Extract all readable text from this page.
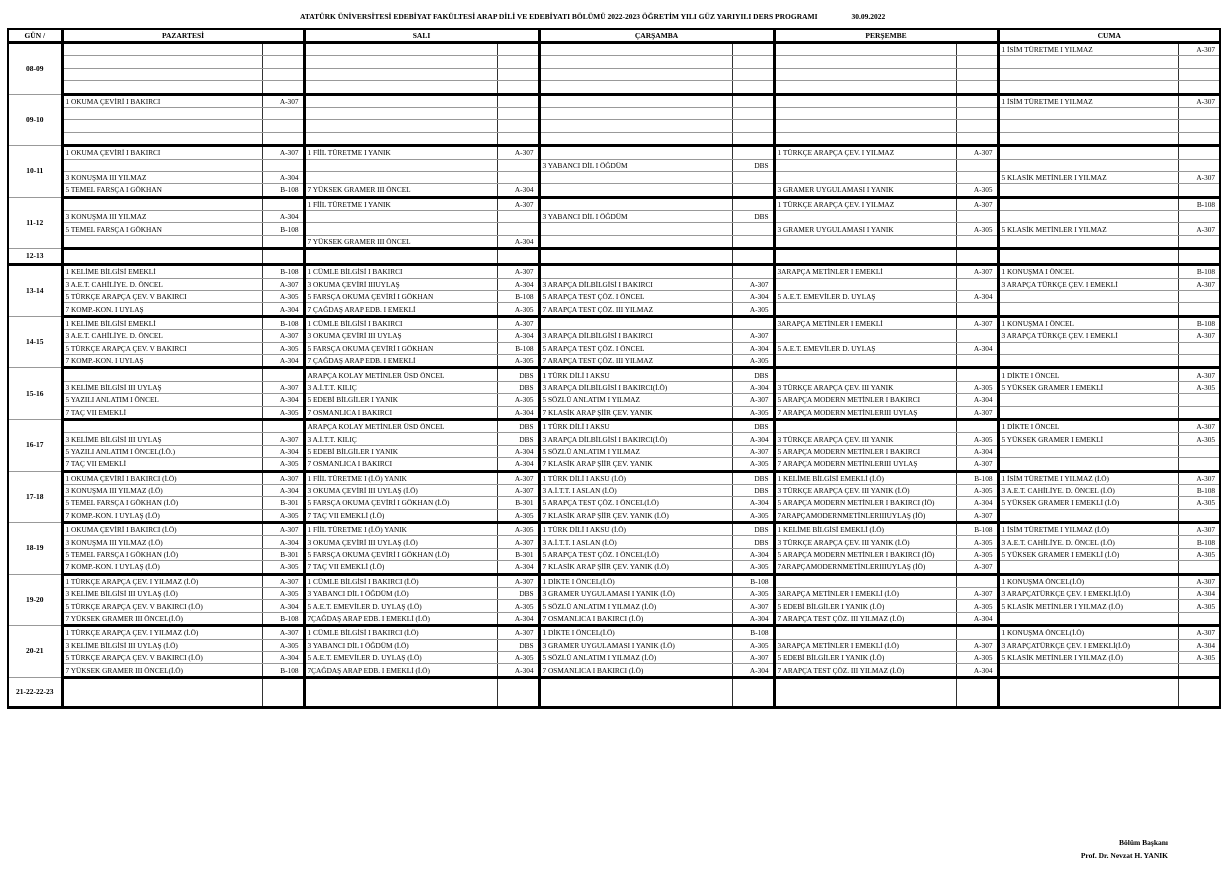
ATATÜRK ÜNİVERSİTESİ EDEBİYAT FAKÜLTESİ ARAP DİLİ VE EDEBİYATI BÖLÜMÜ 2022-2023 ÖĞRETİM YILI GÜZ YARIYILI DERS PROGRAMI	30.09.2022
GÜN /	PAZARTESİ		SALI		ÇARŞAMBA		PERŞEMBE		CUMA	
08-09									1 İSİM TÜRETME I YILMAZ	A-307

09-10	1 OKUMA ÇEVİRİ I BAKIRCI	A-307							1 İSİM TÜRETME I YILMAZ	A-307

10-11	1 OKUMA ÇEVİRİ I BAKIRCI	A-307	1 FİİL TÜRETME I YANIK	A-307			1 TÜRKÇE ARAPÇA ÇEV. I YILMAZ	A-307		
					3 YABANCI DİL I ÖĞDÜM	DBS				
	3 KONUŞMA III YILMAZ	A-304							5 KLASİK METİNLER I YILMAZ	A-307
	5 TEMEL FARSÇA I GÖKHAN	B-108	7 YÜKSEK GRAMER III ÖNCEL	A-304			3 GRAMER UYGULAMASI I YANIK	A-305		
11-12			1 FİİL TÜRETME I YANIK	A-307			1 TÜRKÇE ARAPÇA ÇEV. I YILMAZ	A-307		B-108
	3 KONUŞMA III YILMAZ	A-304			3 YABANCI DİL I ÖĞDÜM	DBS				
	5 TEMEL FARSÇA I GÖKHAN	B-108					3 GRAMER UYGULAMASI I YANIK	A-305	5 KLASİK METİNLER I YILMAZ	A-307
			7 YÜKSEK GRAMER III ÖNCEL	A-304						
12-13										
13-14	1 KELİME BİLGİSİ EMEKLİ	B-108	1 CÜMLE BİLGİSİ I BAKIRCI	A-307			3ARAPÇA METİNLER I EMEKLİ	A-307	1 KONUŞMA I ÖNCEL	B-108
	3 A.E.T. CAHİLİYE. D. ÖNCEL	A-307	3 OKUMA ÇEVİRİ IIIUYLAŞ	A-304	3 ARAPÇA DİLBİLGİSİ I BAKIRCI	A-307			3 ARAPÇA TÜRKÇE ÇEV. I EMEKLİ	A-307
	5 TÜRKÇE ARAPÇA ÇEV. V BAKIRCI	A-305	5 FARSÇA OKUMA ÇEVİRİ I GÖKHAN	B-108	5 ARAPÇA TEST ÇÖZ. I ÖNCEL	A-304	5 A.E.T. EMEVİLER D. UYLAŞ	A-304		
	7 KOMP.-KON. I UYLAŞ	A-304	7 ÇAĞDAŞ ARAP EDB. I EMEKLİ	A-305	7 ARAPÇA TEST ÇÖZ. III YILMAZ	A-305				
14-15	1 KELİME BİLGİSİ EMEKLİ	B-108	1 CÜMLE BİLGİSİ I BAKIRCI	A-307			3ARAPÇA METİNLER I EMEKLİ	A-307	1 KONUŞMA I ÖNCEL	B-108
	3 A.E.T. CAHİLİYE. D. ÖNCEL	A-307	3 OKUMA ÇEVİRİ III UYLAŞ	A-304	3 ARAPÇA DİLBİLGİSİ I BAKIRCI	A-307			3 ARAPÇA TÜRKÇE ÇEV. I EMEKLİ	A-307
	5 TÜRKÇE ARAPÇA ÇEV. V BAKIRCI	A-305	5 FARSÇA OKUMA ÇEVİRİ I GÖKHAN	B-108	5 ARAPÇA TEST ÇÖZ. I ÖNCEL	A-304	5 A.E.T. EMEVİLER D. UYLAŞ	A-304		
	7 KOMP.-KON. I UYLAŞ	A-304	7 ÇAĞDAŞ ARAP EDB. I EMEKLİ	A-305	7 ARAPÇA TEST ÇÖZ. III YILMAZ	A-305				
15-16			ARAPÇA KOLAY METİNLER ÜSD ÖNCEL	DBS	1 TÜRK DİLİ I AKSU	DBS			1 DİKTE I ÖNCEL	A-307
	3 KELİME BİLGİSİ III UYLAŞ	A-307	3 A.İ.T.T. KILIÇ	DBS	3 ARAPÇA DİLBİLGİSİ I BAKIRCI(İ.Ö)	A-304	3 TÜRKÇE ARAPÇA ÇEV. III YANIK	A-305	5 YÜKSEK GRAMER I EMEKLİ	A-305
	5 YAZILI ANLATIM I ÖNCEL	A-304	5 EDEBİ BİLGİLER I YANIK	A-305	5 SÖZLÜ ANLATIM I YILMAZ	A-307	5 ARAPÇA MODERN METİNLER I BAKIRCI	A-304		
	7 TAÇ VII EMEKLİ	A-305	7 OSMANLICA I BAKIRCI	A-304	7 KLASİK ARAP ŞİİR ÇEV. YANIK	A-305	7 ARAPÇA MODERN METİNLERIII UYLAŞ	A-307		
16-17			ARAPÇA KOLAY METİNLER ÜSD ÖNCEL	DBS	1 TÜRK DİLİ I AKSU	DBS			1 DİKTE I ÖNCEL	A-307
	3 KELİME BİLGİSİ III UYLAŞ	A-307	3 A.İ.T.T. KILIÇ	DBS	3 ARAPÇA DİLBİLGİSİ I BAKIRCI(İ.Ö)	A-304	3 TÜRKÇE ARAPÇA ÇEV. III YANIK	A-305	5 YÜKSEK GRAMER I EMEKLİ	A-305
	5 YAZILI ANLATIM I ÖNCEL(İ.Ö.)	A-304	5 EDEBİ BİLGİLER I YANIK	A-304	5 SÖZLÜ ANLATIM I YILMAZ	A-307	5 ARAPÇA MODERN METİNLER I BAKIRCI	A-304		
	7 TAÇ VII EMEKLİ	A-305	7 OSMANLICA I BAKIRCI	A-304	7 KLASİK ARAP ŞİİR ÇEV. YANIK	A-305	7 ARAPÇA MODERN METİNLERIII UYLAŞ	A-307		
17-18	1 OKUMA ÇEVİRİ I BAKIRCI (İ.Ö)	A-307	1 FİİL TÜRETME I (İ.Ö) YANIK	A-307	1 TÜRK DİLİ I AKSU (İ.Ö)	DBS	1 KELİME BİLGİSİ EMEKLİ (İ.Ö)	B-108	1 İSİM TÜRETME I YILMAZ (İ.Ö)	A-307
	3 KONUŞMA III YILMAZ (İ.Ö)	A-304	3 OKUMA ÇEVİRİ III UYLAŞ (İ.Ö)	A-307	3 A.İ.T.T. I ASLAN (İ.Ö)	DBS	3 TÜRKÇE ARAPÇA ÇEV. III YANIK (İ.Ö)	A-305	3 A.E.T. CAHİLİYE. D. ÖNCEL (İ.Ö)	B-108
	5 TEMEL FARSÇA I GÖKHAN (İ.Ö)	B-301	5 FARSÇA OKUMA ÇEVİRİ I GÖKHAN (İ.Ö)	B-301	5 ARAPÇA TEST ÇÖZ. I ÖNCEL(İ.Ö)	A-304	5 ARAPÇA MODERN METİNLER I BAKIRCI (İÖ)	A-304	5 YÜKSEK GRAMER I EMEKLİ (İ.Ö)	A-305
	7 KOMP.-KON. I UYLAŞ (İ.Ö)	A-305	7 TAÇ VII EMEKLİ (İ.Ö)	A-305	7 KLASİK ARAP ŞİİR ÇEV. YANIK (İ.Ö)	A-305	7ARAPÇAMODERNMETİNLERIIIUYLAŞ (İÖ)	A-307		
18-19	1 OKUMA ÇEVİRİ I BAKIRCI (İ.Ö)	A-307	1 FİİL TÜRETME I (İ.Ö) YANIK	A-305	1 TÜRK DİLİ I AKSU (İ.Ö)	DBS	1 KELİME BİLGİSİ EMEKLİ (İ.Ö)	B-108	1 İSİM TÜRETME I YILMAZ (İ.Ö)	A-307
	3 KONUŞMA III YILMAZ (İ.Ö)	A-304	3 OKUMA ÇEVİRİ III UYLAŞ (İ.Ö)	A-307	3 A.İ.T.T. I ASLAN (İ.Ö)	DBS	3 TÜRKÇE ARAPÇA ÇEV. III YANIK (İ.Ö)	A-305	3 A.E.T. CAHİLİYE. D. ÖNCEL (İ.Ö)	B-108
	5 TEMEL FARSÇA I GÖKHAN (İ.Ö)	B-301	5 FARSÇA OKUMA ÇEVİRİ I GÖKHAN (İ.Ö)	B-301	5 ARAPÇA TEST ÇÖZ. I ÖNCEL(İ.Ö)	A-304	5 ARAPÇA MODERN METİNLER I BAKIRCI (İÖ)	A-305	5 YÜKSEK GRAMER I EMEKLİ (İ.Ö)	A-305
	7 KOMP.-KON. I UYLAŞ (İ.Ö)	A-305	7 TAÇ VII EMEKLİ (İ.Ö)	A-304	7 KLASİK ARAP ŞİİR ÇEV. YANIK (İ.Ö)	A-305	7ARAPÇAMODERNMETİNLERIIIUYLAŞ (İÖ)	A-307		
19-20	1 TÜRKÇE ARAPÇA ÇEV. I YILMAZ (İ.Ö)	A-307	1 CÜMLE BİLGİSİ I BAKIRCI (İ.Ö)	A-307	1 DİKTE I ÖNCEL(İ.Ö)	B-108			1 KONUŞMA ÖNCEL(İ.Ö)	A-307
	3 KELİME BİLGİSİ III UYLAŞ (İ.Ö)	A-305	3 YABANCI DİL I ÖĞDÜM (İ.Ö)	DBS	3 GRAMER UYGULAMASI I YANIK (İ.Ö)	A-305	3ARAPÇA METİNLER I EMEKLİ (İ.Ö)	A-307	3 ARAPÇATÜRKÇE ÇEV. I EMEKLİ(İ.Ö)	A-304
	5 TÜRKÇE ARAPÇA ÇEV. V BAKIRCI (İ.Ö)	A-304	5 A.E.T. EMEVİLER D. UYLAŞ (İ.Ö)	A-305	5 SÖZLÜ ANLATIM I YILMAZ (İ.Ö)	A-307	5 EDEBİ BİLGİLER I YANIK (İ.Ö)	A-305	5 KLASİK METİNLER I YILMAZ (İ.Ö)	A-305
	7 YÜKSEK GRAMER III ÖNCEL(İ.Ö)	B-108	7ÇAĞDAŞ ARAP EDB. I EMEKLİ (İ.Ö)	A-304	7 OSMANLICA I BAKIRCI (İ.Ö)	A-304	7 ARAPÇA TEST ÇÖZ. III YILMAZ (İ.Ö)	A-304		
20-21	1 TÜRKÇE ARAPÇA ÇEV. I YILMAZ (İ.Ö)	A-307	1 CÜMLE BİLGİSİ I BAKIRCI (İ.Ö)	A-307	1 DİKTE I ÖNCEL(İ.Ö)	B-108			1 KONUŞMA ÖNCEL(İ.Ö)	A-307
	3 KELİME BİLGİSİ III UYLAŞ (İ.Ö)	A-305	3 YABANCI DİL I ÖĞDÜM (İ.Ö)	DBS	3 GRAMER UYGULAMASI I YANIK (İ.Ö)	A-305	3ARAPÇA METİNLER I EMEKLİ (İ.Ö)	A-307	3 ARAPÇATÜRKÇE ÇEV. I EMEKLİ(İ.Ö)	A-304
	5 TÜRKÇE ARAPÇA ÇEV. V BAKIRCI (İ.Ö)	A-304	5 A.E.T. EMEVİLER D. UYLAŞ (İ.Ö)	A-305	5 SÖZLÜ ANLATIM I YILMAZ (İ.Ö)	A-307	5 EDEBİ BİLGİLER I YANIK (İ.Ö)	A-305	5 KLASİK METİNLER I YILMAZ (İ.Ö)	A-305
	7 YÜKSEK GRAMER III ÖNCEL(İ.Ö)	B-108	7ÇAĞDAŞ ARAP EDB. I EMEKLİ (İ.Ö)	A-304	7 OSMANLICA I BAKIRCI (İ.Ö)	A-304	7 ARAPÇA TEST ÇÖZ. III YILMAZ (İ.Ö)	A-304		
21-22-22-23										
Bölüm Başkanı
Prof. Dr. Nevzat H. YANIK
